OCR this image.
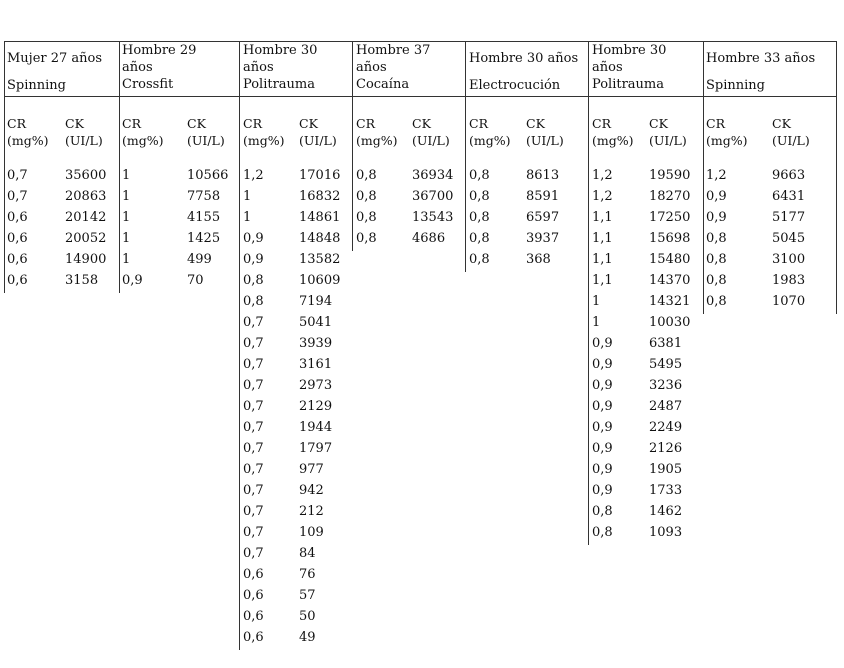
Mujer 27 años
Spinning
CR
(mg%)
CK
(UI/L)
0,7	35600
0,7	20863
0,6	20142
0,6	20052
0,6	14900
0,6	3158
Hombre 29
años
Crossfit
CR
(mg%)
CK
(UI/L)
1	10566
1	7758
1	4155
1	1425
1	499
0,9	70
Hombre 30
años
Politrauma
CR
(mg%)
CK
(UI/L)
1,2	17016
1	16832
1	14861
0,9	14848
0,9	13582
0,8	10609
0,8	7194
0,7	5041
0,7	3939
0,7	3161
0,7	2973
0,7	2129
0,7	1944
0,7	1797
0,7	977
0,7	942
0,7	212
0,7	109
0,7	84
0,6	76
0,6	57
0,6	50
0,6	49
Hombre 37
años
Cocaína
CR
(mg%)
CK
(UI/L)
0,8	36934
0,8	36700
0,8	13543
0,8	4686
Hombre 30 años
Electrocución
CR
(mg%)
CK
(UI/L)
0,8	8613
0,8	8591
0,8	6597
0,8	3937
0,8	368
Hombre 30
años
Politrauma
CR
(mg%)
CK
(UI/L)
1,2	19590
1,2	18270
1,1	17250
1,1	15698
1,1	15480
1,1	14370
1	14321
1	10030
0,9	6381
0,9	5495
0,9	3236
0,9	2487
0,9	2249
0,9	2126
0,9	1905
0,9	1733
0,8	1462
0,8	1093
Hombre 33 años
Spinning
CR
(mg%)
CK
(UI/L)
1,2	9663
0,9	6431
0,9	5177
0,8	5045
0,8	3100
0,8	1983
0,8	1070
